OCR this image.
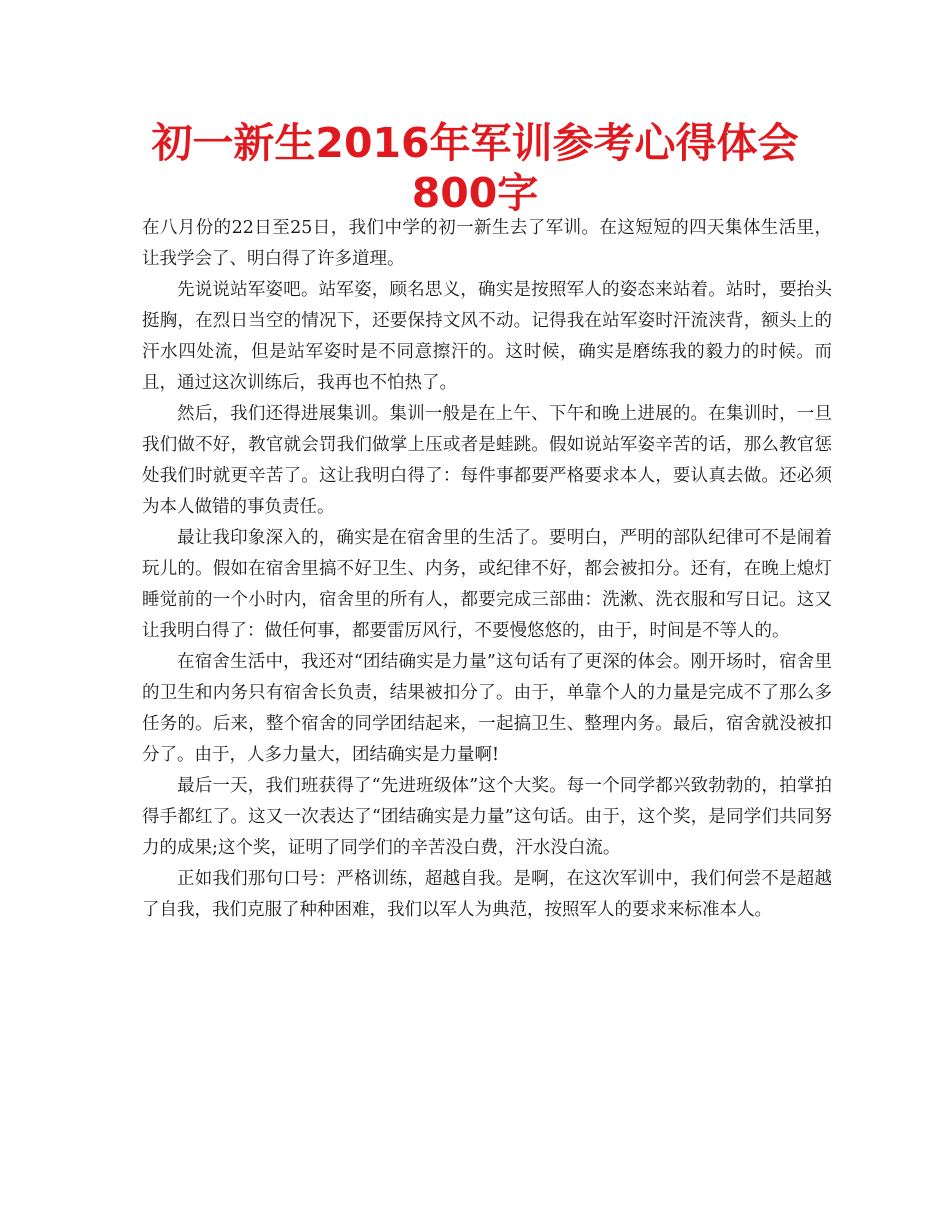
初一新生2016年军训参考心得体会800字

在八月份的22日至25日，我们中学的初一新生去了军训。在这短短的四天集体生活里，让我学会了、明白得了许多道理。

先说说站军姿吧。站军姿，顾名思义，确实是按照军人的姿态来站着。站时，要抬头挺胸，在烈日当空的情况下，还要保持文风不动。记得我在站军姿时汗流浃背，额头上的汗水四处流，但是站军姿时是不同意擦汗的。这时候，确实是磨练我的毅力的时候。而且，通过这次训练后，我再也不怕热了。

然后，我们还得进展集训。集训一般是在上午、下午和晚上进展的。在集训时，一旦我们做不好，教官就会罚我们做掌上压或者是蛙跳。假如说站军姿辛苦的话，那么教官惩处我们时就更辛苦了。这让我明白得了：每件事都要严格要求本人，要认真去做。还必须为本人做错的事负责任。

最让我印象深入的，确实是在宿舍里的生活了。要明白，严明的部队纪律可不是闹着玩儿的。假如在宿舍里搞不好卫生、内务，或纪律不好，都会被扣分。还有，在晚上熄灯睡觉前的一个小时内，宿舍里的所有人，都要完成三部曲：洗漱、洗衣服和写日记。这又让我明白得了：做任何事，都要雷厉风行，不要慢悠悠的，由于，时间是不等人的。

在宿舍生活中，我还对“团结确实是力量”这句话有了更深的体会。刚开场时，宿舍里的卫生和内务只有宿舍长负责，结果被扣分了。由于，单靠个人的力量是完成不了那么多任务的。后来，整个宿舍的同学团结起来，一起搞卫生、整理内务。最后，宿舍就没被扣分了。由于，人多力量大，团结确实是力量啊!

最后一天，我们班获得了“先进班级体”这个大奖。每一个同学都兴致勃勃的，拍掌拍得手都红了。这又一次表达了“团结确实是力量”这句话。由于，这个奖，是同学们共同努力的成果;这个奖，证明了同学们的辛苦没白费，汗水没白流。

正如我们那句口号：严格训练，超越自我。是啊，在这次军训中，我们何尝不是超越了自我，我们克服了种种困难，我们以军人为典范，按照军人的要求来标准本人。
